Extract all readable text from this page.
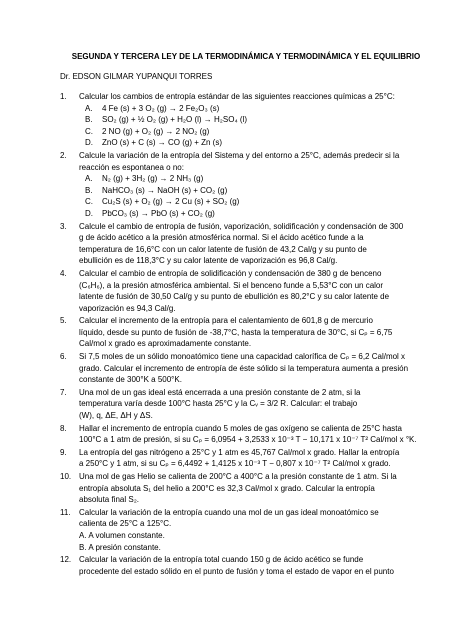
SEGUNDA Y TERCERA LEY DE LA TERMODINÁMICA Y TERMODINÁMICA Y EL EQUILIBRIO
Dr. EDSON GILMAR YUPANQUI TORRES
1. Calcular los cambios de entropía estándar de las siguientes reacciones químicas a 25°C:
A. 4 Fe (s) + 3 O₂ (g) → 2 Fe₂O₃ (s)
B. SO₂ (g) + ½ O₂ (g) + H₂O (l) → H₂SO₄ (l)
C. 2 NO (g) + O₂ (g) → 2 NO₂ (g)
D. ZnO (s) + C (s) → CO (g) + Zn (s)
2. Calcule la variación de la entropía del Sistema y del entorno a 25°C, además predecir si la
reacción es espontanea o no:
A. N₂ (g) + 3H₂ (g) → 2 NH₃ (g)
B. NaHCO₃ (s) → NaOH (s) + CO₂ (g)
C. Cu₂S (s) + O₂ (g) → 2 Cu (s) + SO₂ (g)
D. PbCO₃ (s) → PbO (s) + CO₂ (g)
3. Calcule el cambio de entropía de fusión, vaporización, solidificación y condensación de 300
g de ácido acético a la presión atmosférica normal. Si el ácido acético funde a la
temperatura de 16,6°C con un calor latente de fusión de 43,2 Cal/g y su punto de
ebullición es de 118,3°C y su calor latente de vaporización es 96,8 Cal/g.
4. Calcular el cambio de entropía de solidificación y condensación de 380 g de benceno
(C₆H₆), a la presión atmosférica ambiental. Si el benceno funde a 5,53°C con un calor
latente de fusión de 30,50 Cal/g y su punto de ebullición es 80,2°C y su calor latente de
vaporización es 94,3 Cal/g.
5. Calcular el incremento de la entropía para el calentamiento de 601,8 g de mercurio
líquido, desde su punto de fusión de -38,7°C, hasta la temperatura de 30°C, si Cₚ = 6,75
Cal/mol x grado es aproximadamente constante.
6. Si 7,5 moles de un sólido monoatómico tiene una capacidad calorífica de Cₚ = 6,2 Cal/mol x
grado. Calcular el incremento de entropía de éste sólido si la temperatura aumenta a presión
constante de 300°K a 500°K.
7. Una mol de un gas ideal está encerrada a una presión constante de 2 atm, si la
temperatura varía desde 100°C hasta 25°C y la Cᵥ = 3/2 R. Calcular: el trabajo
(W), q, ΔE, ΔH y ΔS.
8. Hallar el incremento de entropía cuando 5 moles de gas oxígeno se calienta de 25°C hasta
100°C a 1 atm de presión, si su Cₚ = 6,0954 + 3,2533 x 10⁻³ T − 10,171 x 10⁻⁷ T² Cal/mol x °K.
9. La entropía del gas nitrógeno a 25°C y 1 atm es 45,767 Cal/mol x grado. Hallar la entropía
a 250°C y 1 atm, si su Cₚ = 6,4492 + 1,4125 x 10⁻³ T − 0,807 x 10⁻⁷ T² Cal/mol x grado.
10. Una mol de gas Helio se calienta de 200°C a 400°C a la presión constante de 1 atm. Si la
entropía absoluta S₁ del helio a 200°C es 32,3 Cal/mol x grado. Calcular la entropía
absoluta final S₂.
11. Calcular la variación de la entropía cuando una mol de un gas ideal monoatómico se
calienta de 25°C a 125°C.
A. A volumen constante.
B. A presión constante.
12. Calcular la variación de la entropía total cuando 150 g de ácido acético se funde
procedente del estado sólido en el punto de fusión y toma el estado de vapor en el punto
